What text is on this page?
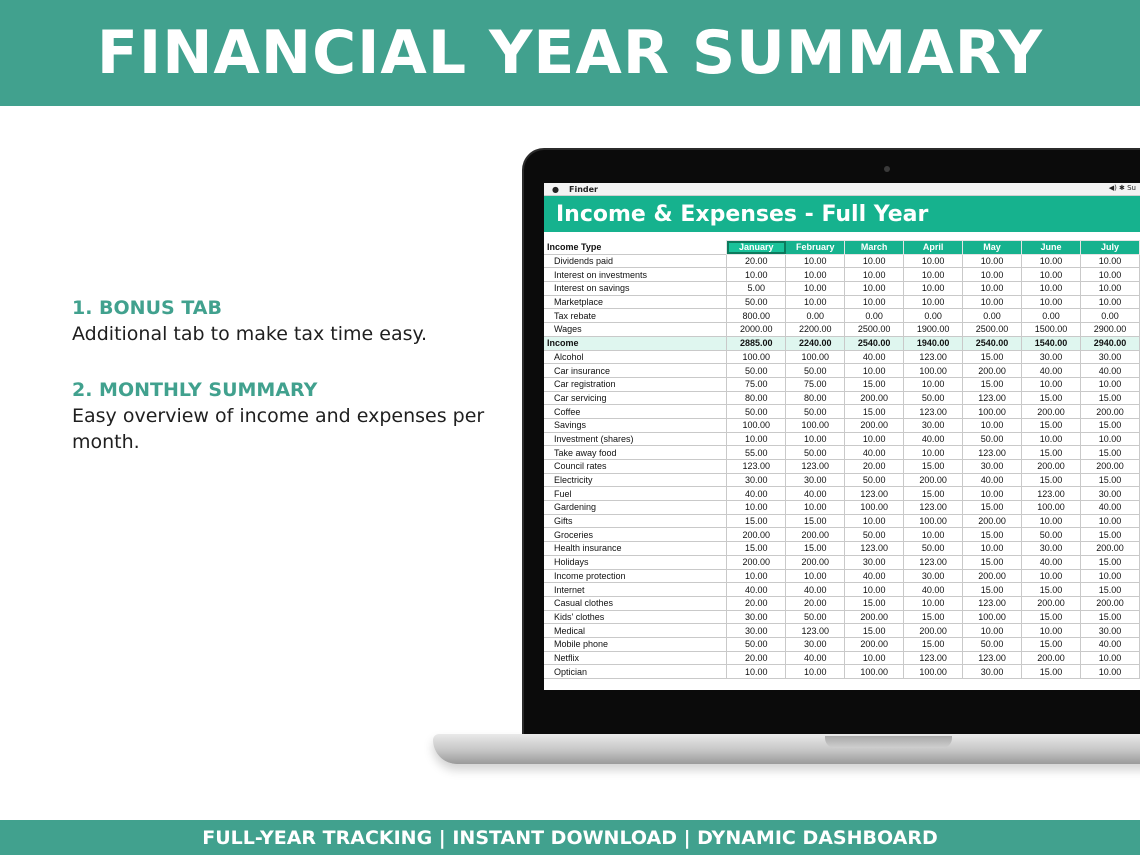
FINANCIAL YEAR SUMMARY
1. BONUS TAB
Additional tab to make tax time easy.
2. MONTHLY SUMMARY
Easy overview of income and expenses per month.
● Finder	◀) ✱ Su
Income & Expenses - Full Year
Income Type	January	February	March	April	May	June	July
Dividends paid	20.00	10.00	10.00	10.00	10.00	10.00	10.00
Interest on investments	10.00	10.00	10.00	10.00	10.00	10.00	10.00
Interest on savings	5.00	10.00	10.00	10.00	10.00	10.00	10.00
Marketplace	50.00	10.00	10.00	10.00	10.00	10.00	10.00
Tax rebate	800.00	0.00	0.00	0.00	0.00	0.00	0.00
Wages	2000.00	2200.00	2500.00	1900.00	2500.00	1500.00	2900.00
Income	2885.00	2240.00	2540.00	1940.00	2540.00	1540.00	2940.00
Alcohol	100.00	100.00	40.00	123.00	15.00	30.00	30.00
Car insurance	50.00	50.00	10.00	100.00	200.00	40.00	40.00
Car registration	75.00	75.00	15.00	10.00	15.00	10.00	10.00
Car servicing	80.00	80.00	200.00	50.00	123.00	15.00	15.00
Coffee	50.00	50.00	15.00	123.00	100.00	200.00	200.00
Savings	100.00	100.00	200.00	30.00	10.00	15.00	15.00
Investment (shares)	10.00	10.00	10.00	40.00	50.00	10.00	10.00
Take away food	55.00	50.00	40.00	10.00	123.00	15.00	15.00
Council rates	123.00	123.00	20.00	15.00	30.00	200.00	200.00
Electricity	30.00	30.00	50.00	200.00	40.00	15.00	15.00
Fuel	40.00	40.00	123.00	15.00	10.00	123.00	30.00
Gardening	10.00	10.00	100.00	123.00	15.00	100.00	40.00
Gifts	15.00	15.00	10.00	100.00	200.00	10.00	10.00
Groceries	200.00	200.00	50.00	10.00	15.00	50.00	15.00
Health insurance	15.00	15.00	123.00	50.00	10.00	30.00	200.00
Holidays	200.00	200.00	30.00	123.00	15.00	40.00	15.00
Income protection	10.00	10.00	40.00	30.00	200.00	10.00	10.00
Internet	40.00	40.00	10.00	40.00	15.00	15.00	15.00
Casual clothes	20.00	20.00	15.00	10.00	123.00	200.00	200.00
Kids' clothes	30.00	50.00	200.00	15.00	100.00	15.00	15.00
Medical	30.00	123.00	15.00	200.00	10.00	10.00	30.00
Mobile phone	50.00	30.00	200.00	15.00	50.00	15.00	40.00
Netflix	20.00	40.00	10.00	123.00	123.00	200.00	10.00
Optician	10.00	10.00	100.00	100.00	30.00	15.00	10.00
FULL-YEAR TRACKING | INSTANT DOWNLOAD | DYNAMIC DASHBOARD
